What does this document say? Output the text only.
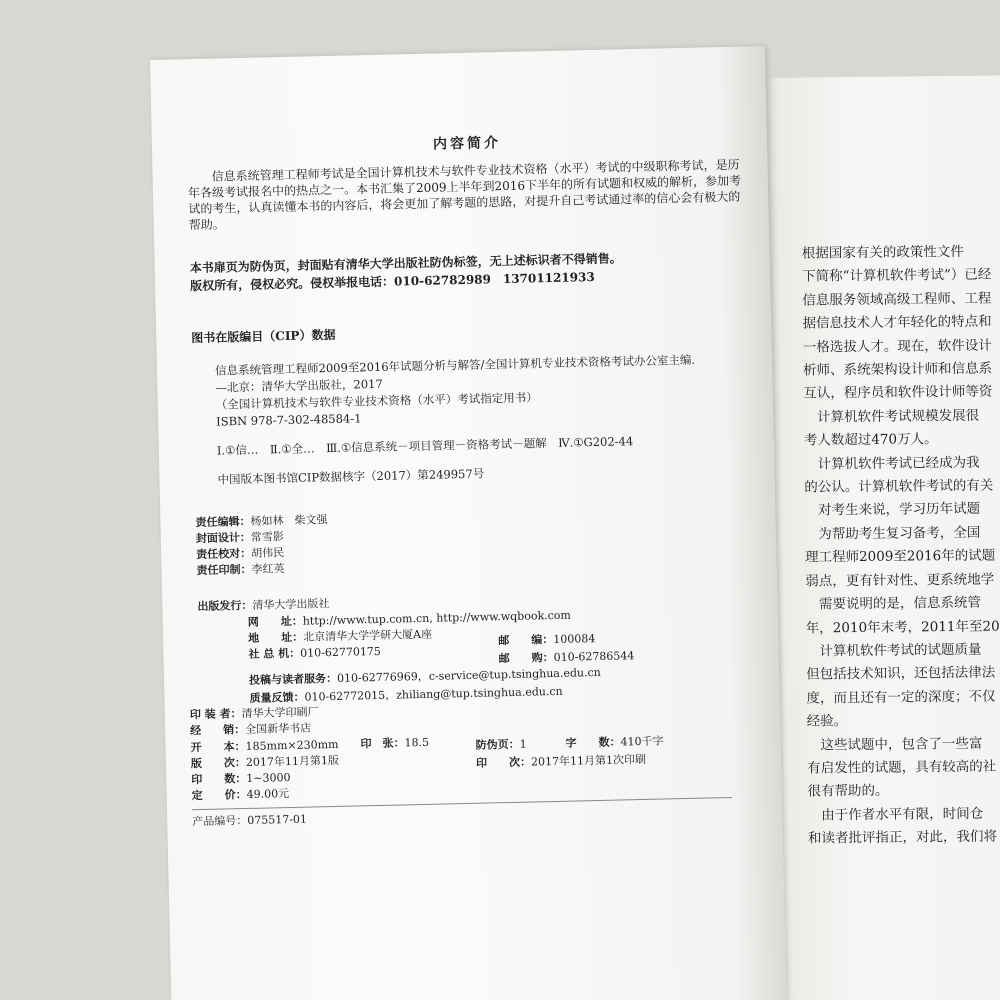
根据国家有关的政策性文件

下简称“计算机软件考试”）已经

信息服务领域高级工程师、工程

据信息技术人才年轻化的特点和

一格选拔人才。现在，软件设计

析师、系统架构设计师和信息系

互认，程序员和软件设计师等资

　计算机软件考试规模发展很

考人数超过470万人。

　计算机软件考试已经成为我

的公认。计算机软件考试的有关

　对考生来说，学习历年试题

　为帮助考生复习备考，全国

理工程师2009至2016年的试题

弱点，更有针对性、更系统地学

　需要说明的是，信息系统管

年，2010年末考，2011年至20

　计算机软件考试的试题质量

但包括技术知识，还包括法律法

度，而且还有一定的深度；不仅

经验。

　这些试题中，包含了一些富

有启发性的试题，具有较高的社

很有帮助的。

　由于作者水平有限，时间仓

和读者批评指正，对此，我们将

内容简介

信息系统管理工程师考试是全国计算机技术与软件专业技术资格（水平）考试的中级职称考试，是历年各级考试报名中的热点之一。本书汇集了2009上半年到2016下半年的所有试题和权威的解析，参加考试的考生，认真读懂本书的内容后，将会更加了解考题的思路，对提升自己考试通过率的信心会有极大的帮助。

本书扉页为防伪页，封面贴有清华大学出版社防伪标签，无上述标识者不得销售。

版权所有，侵权必究。侵权举报电话：010-62782989　13701121933

图书在版编目（CIP）数据

信息系统管理工程师2009至2016年试题分析与解答/全国计算机专业技术资格考试办公室主编.

—北京：清华大学出版社，2017

（全国计算机技术与软件专业技术资格（水平）考试指定用书）

ISBN 978-7-302-48584-1

Ⅰ.①信…　Ⅱ.①全…　Ⅲ.①信息系统－项目管理－资格考试－题解　Ⅳ.①G202-44

中国版本图书馆CIP数据核字（2017）第249957号

责任编辑： 杨如林　柴文强
封面设计： 常雪影
责任校对： 胡伟民
责任印制： 李红英
出版发行：清华大学出版社
网　　址：http://www.tup.com.cn, http://www.wqbook.com
地　　址：北京清华大学学研大厦A座	邮　　编：100084
社 总 机：010-62770175	邮　　购：010-62786544
投稿与读者服务：010-62776969，c-service@tup.tsinghua.edu.cn
质量反馈：010-62772015，zhiliang@tup.tsinghua.edu.cn
印 装 者：清华大学印刷厂
经　　销：全国新华书店
开　　本：185mm×230mm 印　张：18.5	防伪页：1	字　　数：410千字
版　　次：2017年11月第1版	印　　次：2017年11月第1次印刷
印　　数：1~3000
定　　价：49.00元
产品编号：075517-01
